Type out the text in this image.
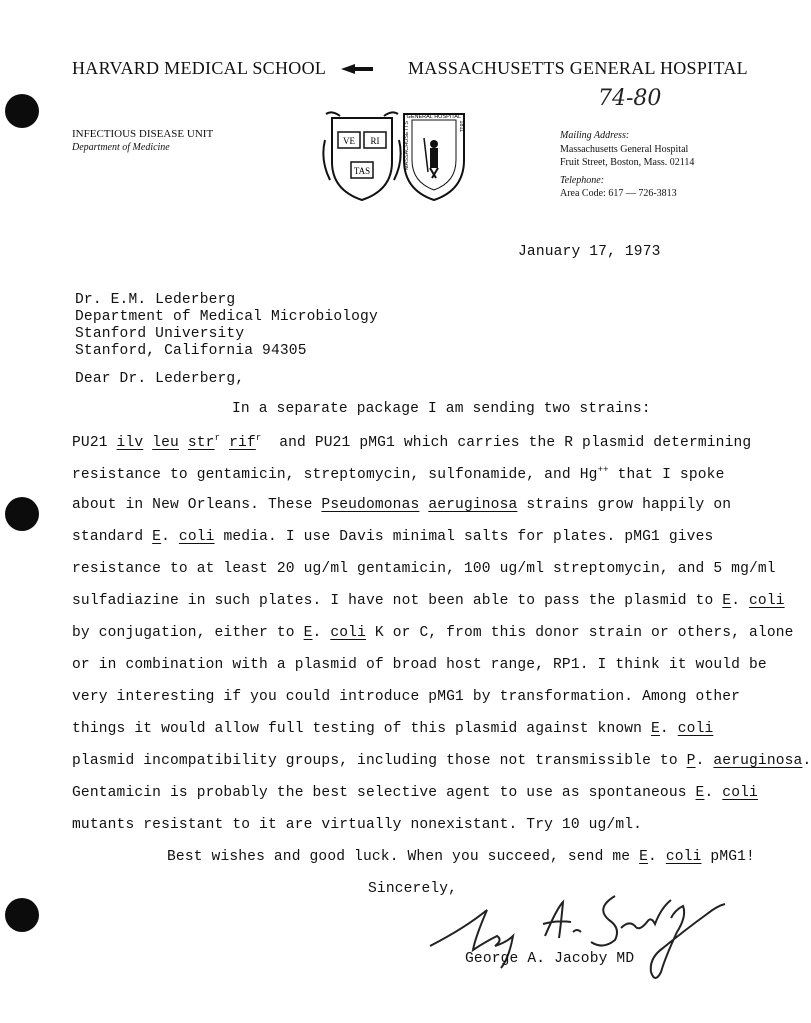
HARVARD MEDICAL SCHOOL	MASSACHUSETTS GENERAL HOSPITAL
74-80
INFECTIOUS DISEASE UNIT
Department of Medicine
VE RI
TAS	MASSACHUSETTS GENERAL HOSPITAL 1811	Mailing Address:
Massachusetts General Hospital
Fruit Street, Boston, Mass. 02114
Telephone:
Area Code: 617 — 726-3813
January 17, 1973
Dr. E.M. Lederberg
Department of Medical Microbiology
Stanford University
Stanford, California 94305
Dear Dr. Lederberg,
In a separate package I am sending two strains:
PU21 ilv leu str$^r$ rif$^r$  and PU21 pMG1 which carries the R plasmid determining
resistance to gentamicin, streptomycin, sulfonamide, and Hg++ that I spoke
about in New Orleans. These Pseudomonas aeruginosa strains grow happily on
standard E. coli media. I use Davis minimal salts for plates. pMG1 gives
resistance to at least 20 ug/ml gentamicin, 100 ug/ml streptomycin, and 5 mg/ml
sulfadiazine in such plates. I have not been able to pass the plasmid to E. coli
by conjugation, either to E. coli K or C, from this donor strain or others, alone
or in combination with a plasmid of broad host range, RP1. I think it would be
very interesting if you could introduce pMG1 by transformation. Among other
things it would allow full testing of this plasmid against known E. coli
plasmid incompatibility groups, including those not transmissible to P. aeruginosa.
Gentamicin is probably the best selective agent to use as spontaneous E. coli
mutants resistant to it are virtually nonexistant. Try 10 ug/ml.
Best wishes and good luck. When you succeed, send me E. coli pMG1!
Sincerely,
George A. Jacoby MD
